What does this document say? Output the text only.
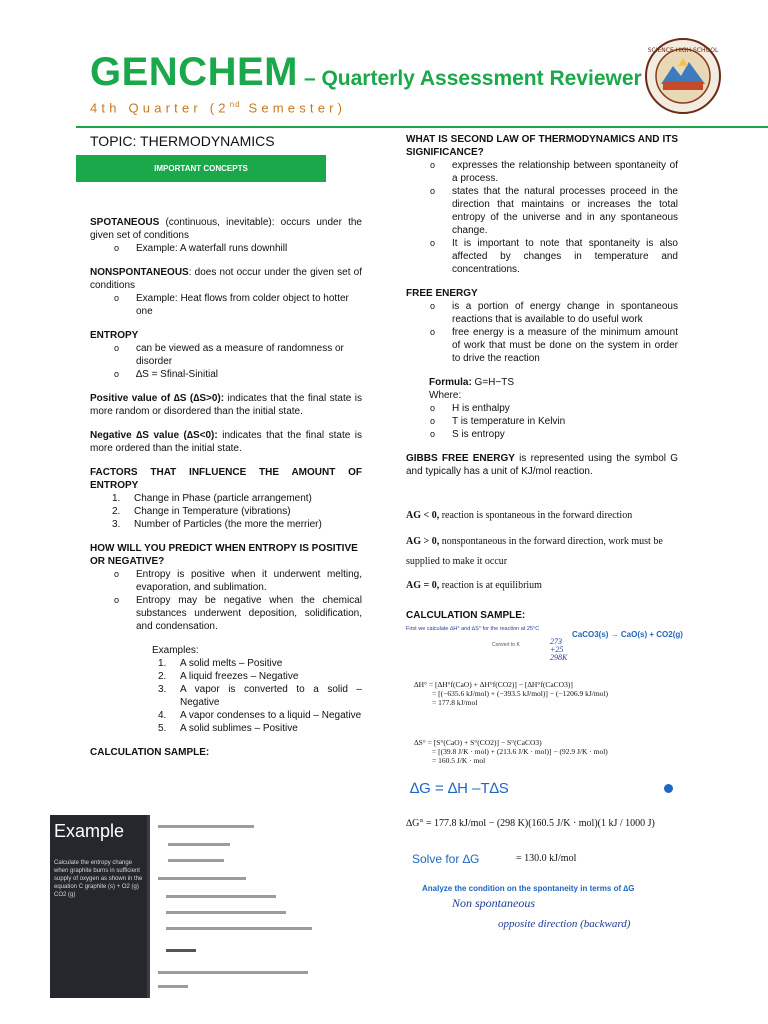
GENCHEM – Quarterly Assessment Reviewer
4th Quarter (2nd Semester)
SCIENCE HIGH SCHOOL

TOPIC: THERMODYNAMICS

IMPORTANT CONCEPTS

SPOTANEOUS (continuous, inevitable): occurs under the given set of conditions

o Example: A waterfall runs downhill

NONSPONTANEOUS: does not occur under the given set of conditions

o Example: Heat flows from colder object to hotter one

ENTROPY

o can be viewed as a measure of randomness or disorder
o ∆S = Sfinal-Sinitial

Positive value of ∆S (∆S>0): indicates that the final state is more random or disordered than the initial state.

Negative ∆S value (∆S<0): indicates that the final state is more ordered than the initial state.

FACTORS THAT INFLUENCE THE AMOUNT OF ENTROPY

1. Change in Phase (particle arrangement)
2. Change in Temperature (vibrations)
3. Number of Particles (the more the merrier)

HOW WILL YOU PREDICT WHEN ENTROPY IS POSITIVE OR NEGATIVE?

o Entropy is positive when it underwent melting, evaporation, and sublimation.
o Entropy may be negative when the chemical substances underwent deposition, solidification, and condensation.

Examples:

1. A solid melts – Positive
2. A liquid freezes – Negative
3. A vapor is converted to a solid – Negative
4. A vapor condenses to a liquid – Negative
5. A solid sublimes – Positive

CALCULATION SAMPLE:

Example
Calculate the entropy change when graphite burns in sufficient supply of oxygen as shown in the equation C graphite (s) + O2 (g) CO2 (g)

WHAT IS SECOND LAW OF THERMODYNAMICS AND ITS SIGNIFICANCE?

o expresses the relationship between spontaneity of a process.
o states that the natural processes proceed in the direction that maintains or increases the total entropy of the universe and in any spontaneous change.
o It is important to note that spontaneity is also affected by changes in temperature and concentrations.

FREE ENERGY

o is a portion of energy change in spontaneous reactions that is available to do useful work
o free energy is a measure of the minimum amount of work that must be done on the system in order to drive the reaction

Formula: G=H−TS

Where:

o H is enthalpy
o T is temperature in Kelvin
o S is entropy

GIBBS FREE ENERGY is represented using the symbol G and typically has a unit of KJ/mol reaction.

AG < 0, reaction is spontaneous in the forward direction

AG > 0, nonspontaneous in the forward direction, work must be

supplied to make it occur

AG = 0, reaction is at equilibrium

CALCULATION SAMPLE:

First we calculate ∆H° and ∆S° for the reaction at 25°C
CaCO3(s) → CaO(s) + CO2(g)
Convert to K	273
+25
298K
∆H° = [∆H°f(CaO) + ∆H°f(CO2)] − [∆H°f(CaCO3)]
= [(−635.6 kJ/mol) + (−393.5 kJ/mol)] − (−1206.9 kJ/mol)
= 177.8 kJ/mol
∆S° = [S°(CaO) + S°(CO2)] − S°(CaCO3)
= [(39.8 J/K · mol) + (213.6 J/K · mol)] − (92.9 J/K · mol)
= 160.5 J/K · mol
∆G = ∆H –T∆S
∆G° = 177.8 kJ/mol − (298 K)(160.5 J/K · mol)(1 kJ / 1000 J)
Solve for ∆G	= 130.0 kJ/mol
Analyze the condition on the spontaneity in terms of ∆G
Non spontaneous
opposite direction (backward)
